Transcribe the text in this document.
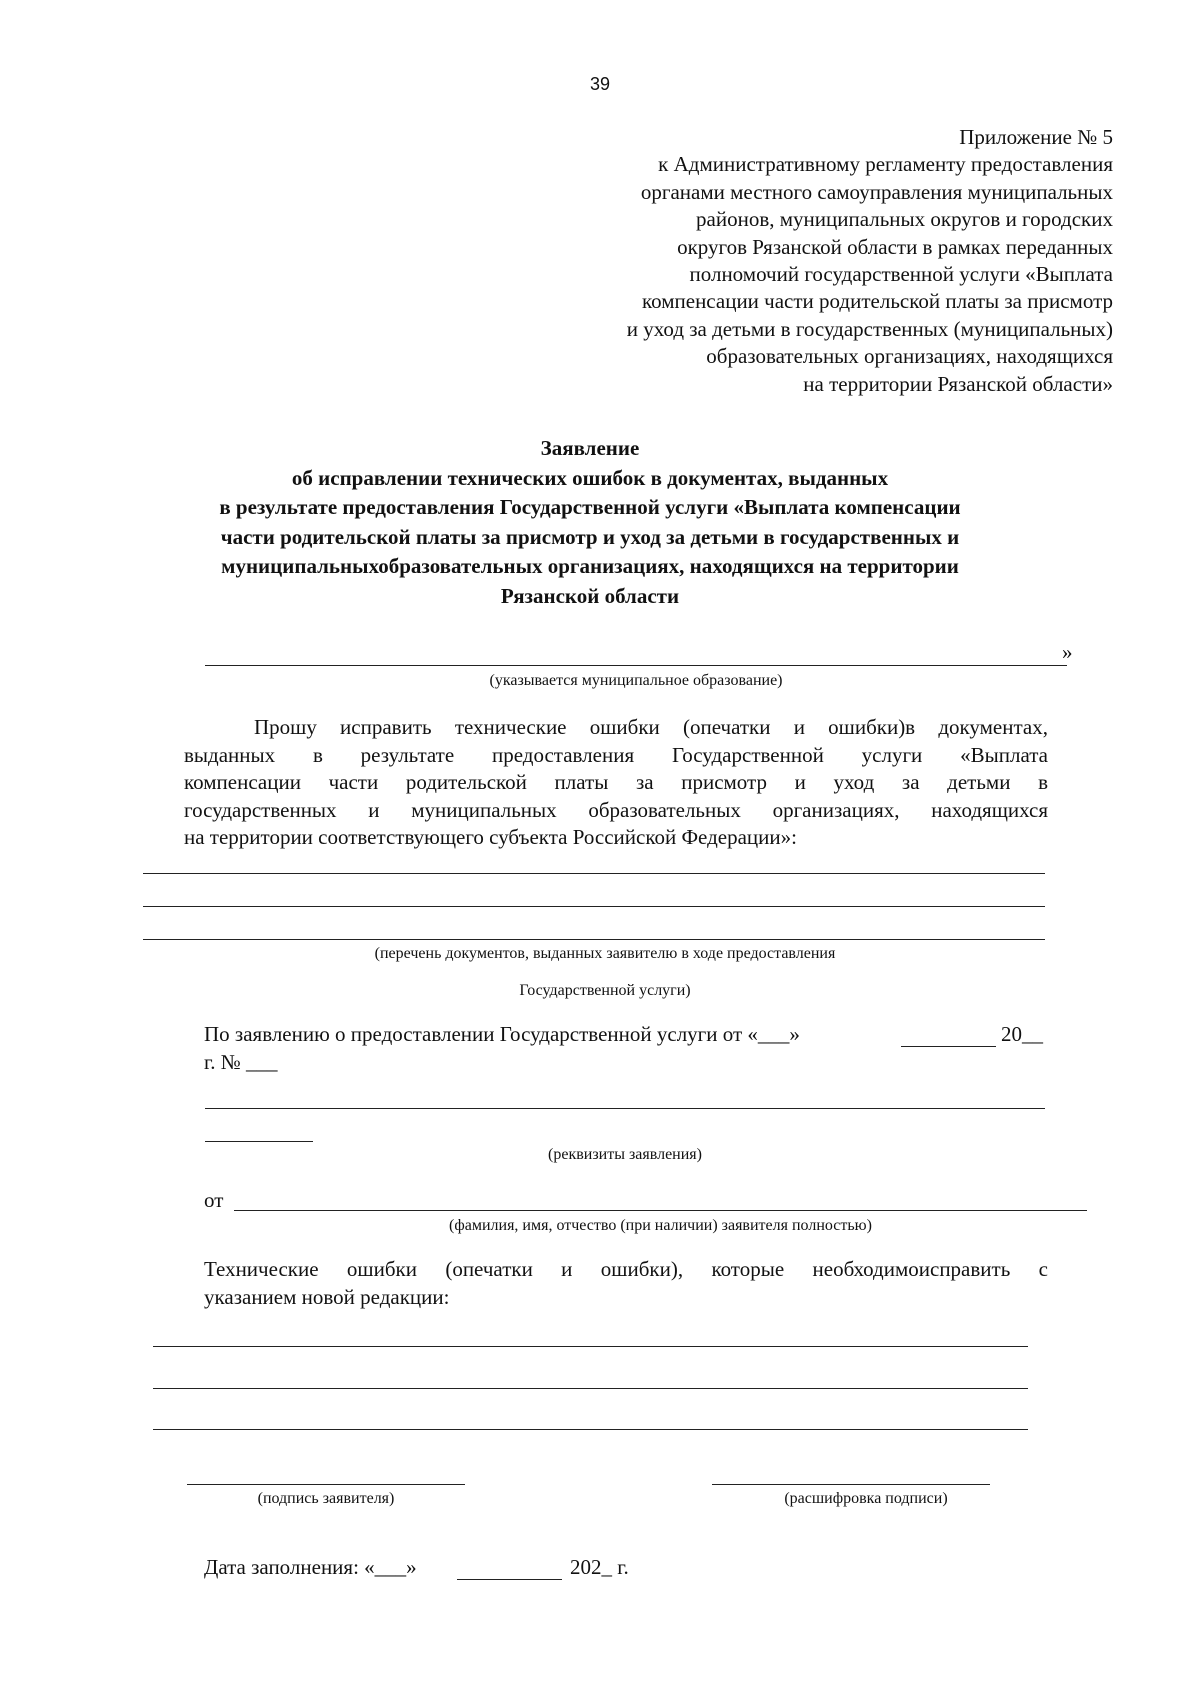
39
Приложение № 5
к Административному регламенту предоставления
органами местного самоуправления муниципальных
районов, муниципальных округов и городских
округов Рязанской области в рамках переданных
полномочий государственной услуги «Выплата
компенсации части родительской платы за присмотр
и уход за детьми в государственных (муниципальных)
образовательных организациях, находящихся
на территории Рязанской области»
Заявление
об исправлении технических ошибок в документах, выданных
в результате предоставления Государственной услуги «Выплата компенсации
части родительской платы за присмотр и уход за детьми в государственных и
муниципальныхобразовательных организациях, находящихся на территории
Рязанской области
»
(указывается муниципальное образование)
Прошу исправить технические ошибки (опечатки и ошибки)в документах,
выданных в результате предоставления Государственной услуги «Выплата
компенсации части родительской платы за присмотр и уход за детьми в
государственных и муниципальных образовательных организациях, находящихся
на территории соответствующего субъекта Российской Федерации»:
(перечень документов, выданных заявителю в ходе предоставления
Государственной услуги)
По заявлению о предоставлении Государственной услуги от «___»	20__
г. № ___
(реквизиты заявления)
от
(фамилия, имя, отчество (при наличии) заявителя полностью)
Технические ошибки (опечатки и ошибки), которые необходимоисправить с
указанием новой редакции:
(подпись заявителя)	(расшифровка подписи)
Дата заполнения: «___»	202_ г.
